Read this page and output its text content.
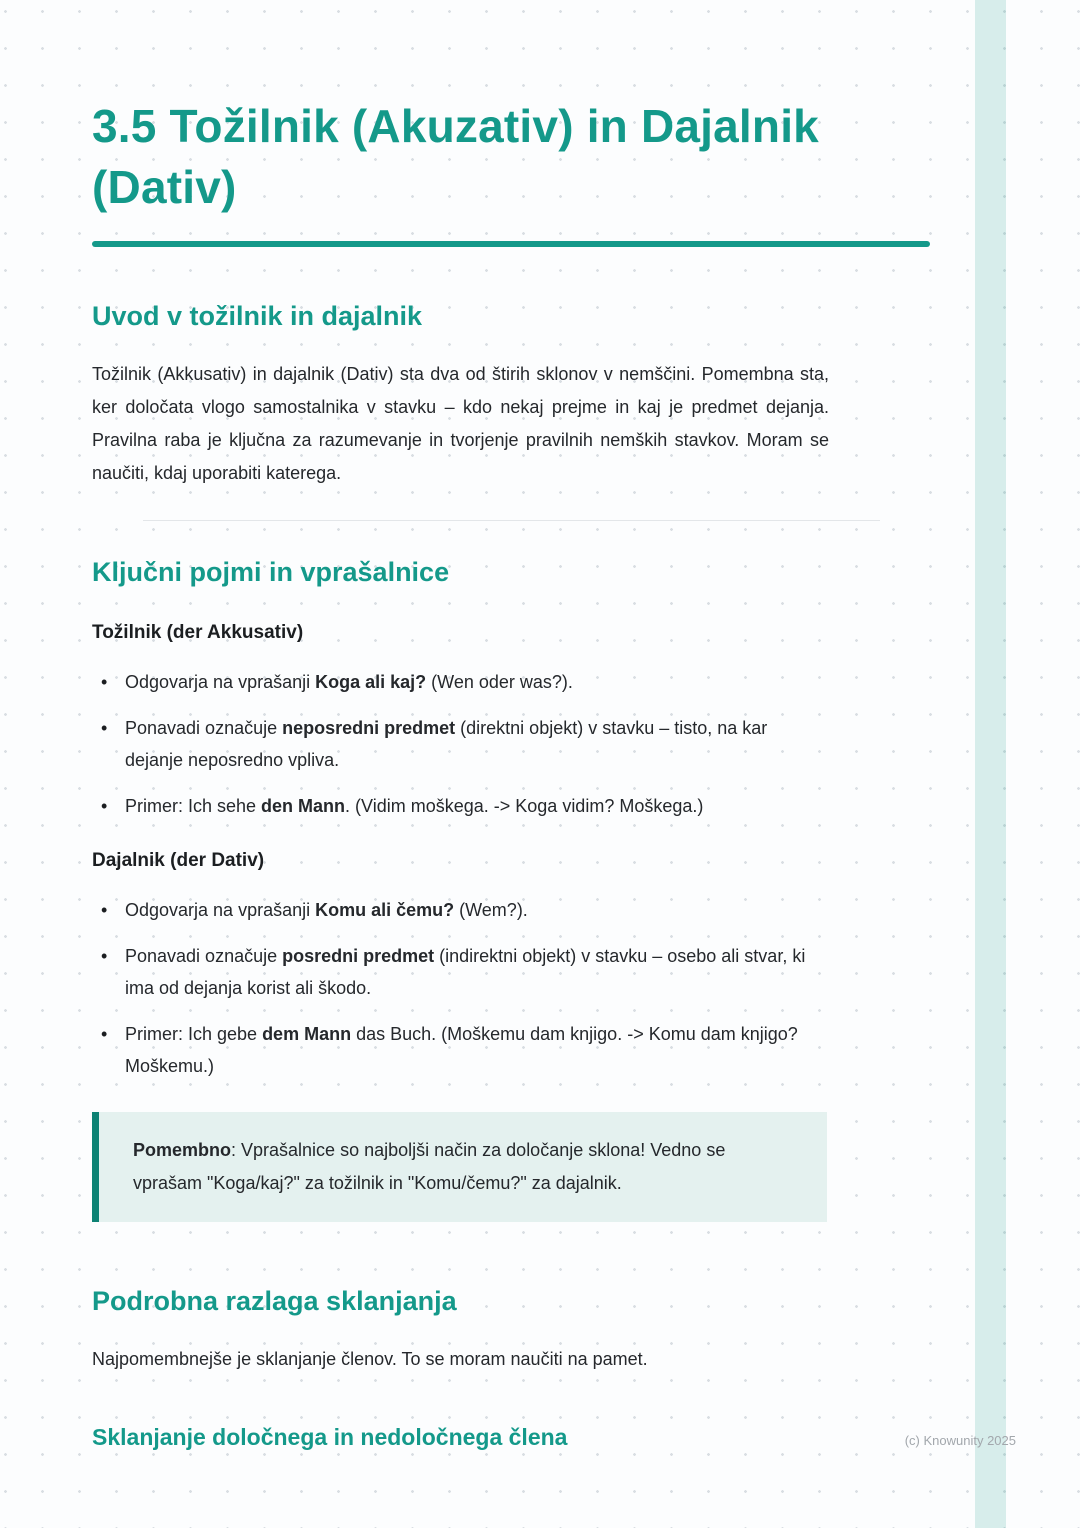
3.5 Tožilnik (Akuzativ) in Dajalnik (Dativ)
Uvod v tožilnik in dajalnik

Tožilnik (Akkusativ) in dajalnik (Dativ) sta dva od štirih sklonov v nemščini. Pomembna sta, ker določata vlogo samostalnika v stavku – kdo nekaj prejme in kaj je predmet dejanja. Pravilna raba je ključna za razumevanje in tvorjenje pravilnih nemških stavkov. Moram se naučiti, kdaj uporabiti katerega.

Ključni pojmi in vprašalnice
Tožilnik (der Akkusativ)
• Odgovarja na vprašanji Koga ali kaj? (Wen oder was?).
• Ponavadi označuje neposredni predmet (direktni objekt) v stavku – tisto, na kar dejanje neposredno vpliva.
• Primer: Ich sehe den Mann. (Vidim moškega. -> Koga vidim? Moškega.)
Dajalnik (der Dativ)
• Odgovarja na vprašanji Komu ali čemu? (Wem?).
• Ponavadi označuje posredni predmet (indirektni objekt) v stavku – osebo ali stvar, ki ima od dejanja korist ali škodo.
• Primer: Ich gebe dem Mann das Buch. (Moškemu dam knjigo. -> Komu dam knjigo? Moškemu.)

Pomembno: Vprašalnice so najboljši način za določanje sklona! Vedno se vprašam "Koga/kaj?" za tožilnik in "Komu/čemu?" za dajalnik.

Podrobna razlaga sklanjanja

Najpomembnejše je sklanjanje členov. To se moram naučiti na pamet.

Sklanjanje določnega in nedoločnega člena	(c) Knowunity 2025
